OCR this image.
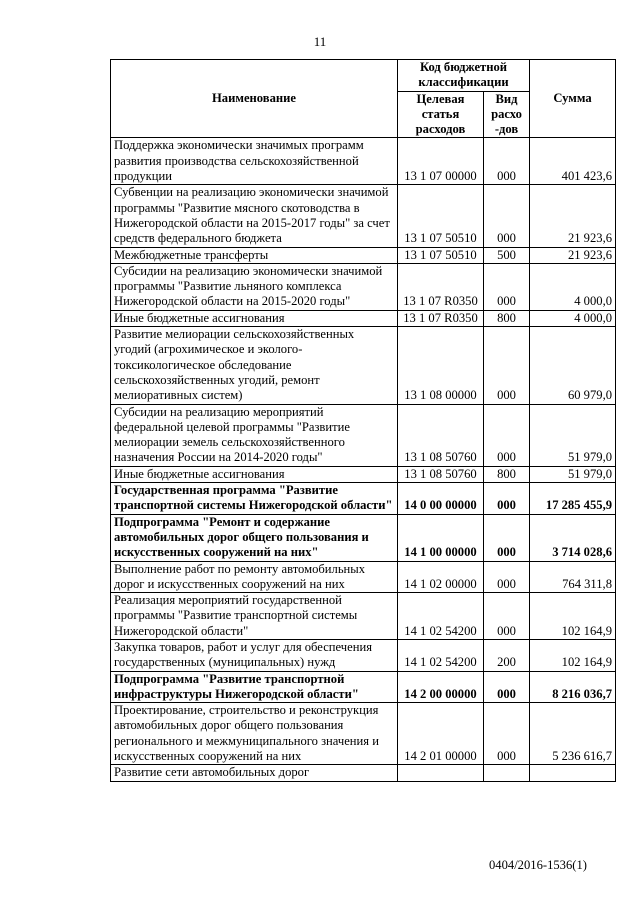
11
Наименование	Код бюджетной классификации		Сумма
	Целевая
статья
расходов	Вид
расхо
-дов	
Поддержка экономически значимых программ развития производства сельскохозяйственной продукции	13 1 07 00000	000	401 423,6
Субвенции на реализацию экономически значимой программы "Развитие мясного скотоводства в Нижегородской области на 2015-2017 годы" за счет средств федерального бюджета	13 1 07 50510	000	21 923,6
Межбюджетные трансферты	13 1 07 50510	500	21 923,6
Субсидии на реализацию экономически значимой программы "Развитие льняного комплекса Нижегородской области на 2015-2020 годы"	13 1 07 R0350	000	4 000,0
Иные бюджетные ассигнования	13 1 07 R0350	800	4 000,0
Развитие мелиорации сельскохозяйственных угодий (агрохимическое и эколого-токсикологическое обследование сельскохозяйственных угодий, ремонт мелиоративных систем)	13 1 08 00000	000	60 979,0
Субсидии на реализацию мероприятий федеральной целевой программы "Развитие мелиорации земель сельскохозяйственного назначения России на 2014-2020 годы"	13 1 08 50760	000	51 979,0
Иные бюджетные ассигнования	13 1 08 50760	800	51 979,0
Государственная программа "Развитие транспортной системы Нижегородской области"	14 0 00 00000	000	17 285 455,9
Подпрограмма "Ремонт и содержание автомобильных дорог общего пользования и искусственных сооружений на них"	14 1 00 00000	000	3 714 028,6
Выполнение работ по ремонту автомобильных дорог и искусственных сооружений на них	14 1 02 00000	000	764 311,8
Реализация мероприятий государственной программы "Развитие транспортной системы Нижегородской области"	14 1 02 54200	000	102 164,9
Закупка товаров, работ и услуг для обеспечения государственных (муниципальных) нужд	14 1 02 54200	200	102 164,9
Подпрограмма "Развитие транспортной инфраструктуры Нижегородской области"	14 2 00 00000	000	8 216 036,7
Проектирование, строительство и реконструкция автомобильных дорог общего пользования регионального и межмуниципального значения и искусственных сооружений на них	14 2 01 00000	000	5 236 616,7
Развитие сети автомобильных дорог			
0404/2016-1536(1)
